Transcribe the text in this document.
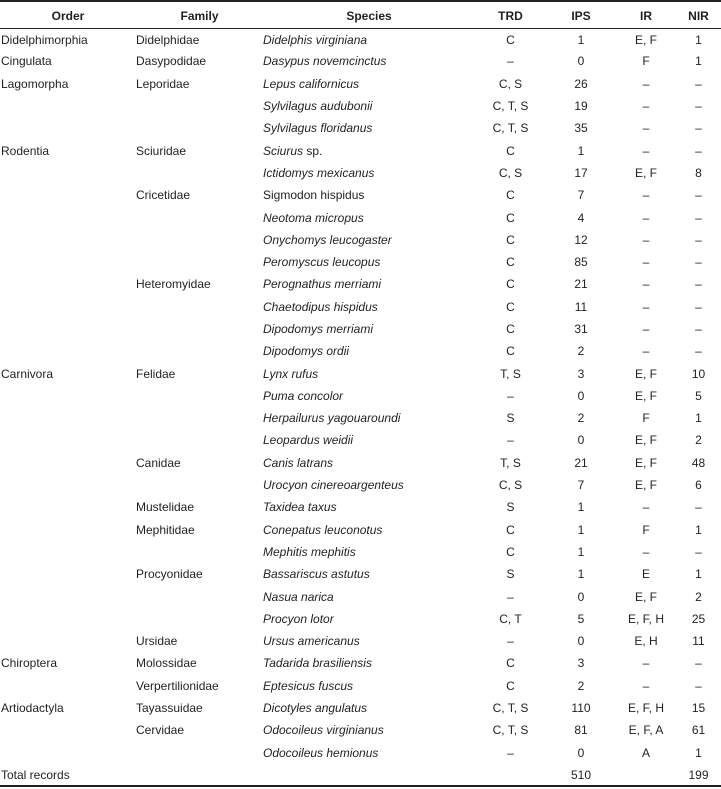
Order	Family	Species	TRD	IPS	IR	NIR
Didelphimorphia	Didelphidae	Didelphis virginiana	C	1	E, F	1
Cingulata	Dasypodidae	Dasypus novemcinctus	–	0	F	1
Lagomorpha	Leporidae	Lepus californicus	C, S	26	–	–
		Sylvilagus audubonii	C, T, S	19	–	–
		Sylvilagus floridanus	C, T, S	35	–	–
Rodentia	Sciuridae	Sciurus sp.	C	1	–	–
		Ictidomys mexicanus	C, S	17	E, F	8
	Cricetidae	Sigmodon hispidus	C	7	–	–
		Neotoma micropus	C	4	–	–
		Onychomys leucogaster	C	12	–	–
		Peromyscus leucopus	C	85	–	–
	Heteromyidae	Perognathus merriami	C	21	–	–
		Chaetodipus hispidus	C	11	–	–
		Dipodomys merriami	C	31	–	–
		Dipodomys ordii	C	2	–	–
Carnivora	Felidae	Lynx rufus	T, S	3	E, F	10
		Puma concolor	–	0	E, F	5
		Herpailurus yagouaroundi	S	2	F	1
		Leopardus weidii	–	0	E, F	2
	Canidae	Canis latrans	T, S	21	E, F	48
		Urocyon cinereoargenteus	C, S	7	E, F	6
	Mustelidae	Taxidea taxus	S	1	–	–
	Mephitidae	Conepatus leuconotus	C	1	F	1
		Mephitis mephitis	C	1	–	–
	Procyonidae	Bassariscus astutus	S	1	E	1
		Nasua narica	–	0	E, F	2
		Procyon lotor	C, T	5	E, F, H	25
	Ursidae	Ursus americanus	–	0	E, H	11
Chiroptera	Molossidae	Tadarida brasiliensis	C	3	–	–
	Verpertilionidae	Eptesicus fuscus	C	2	–	–
Artiodactyla	Tayassuidae	Dicotyles angulatus	C, T, S	110	E, F, H	15
	Cervidae	Odocoileus virginianus	C, T, S	81	E, F, A	61
		Odocoileus hemionus	–	0	A	1
Total records				510		199
